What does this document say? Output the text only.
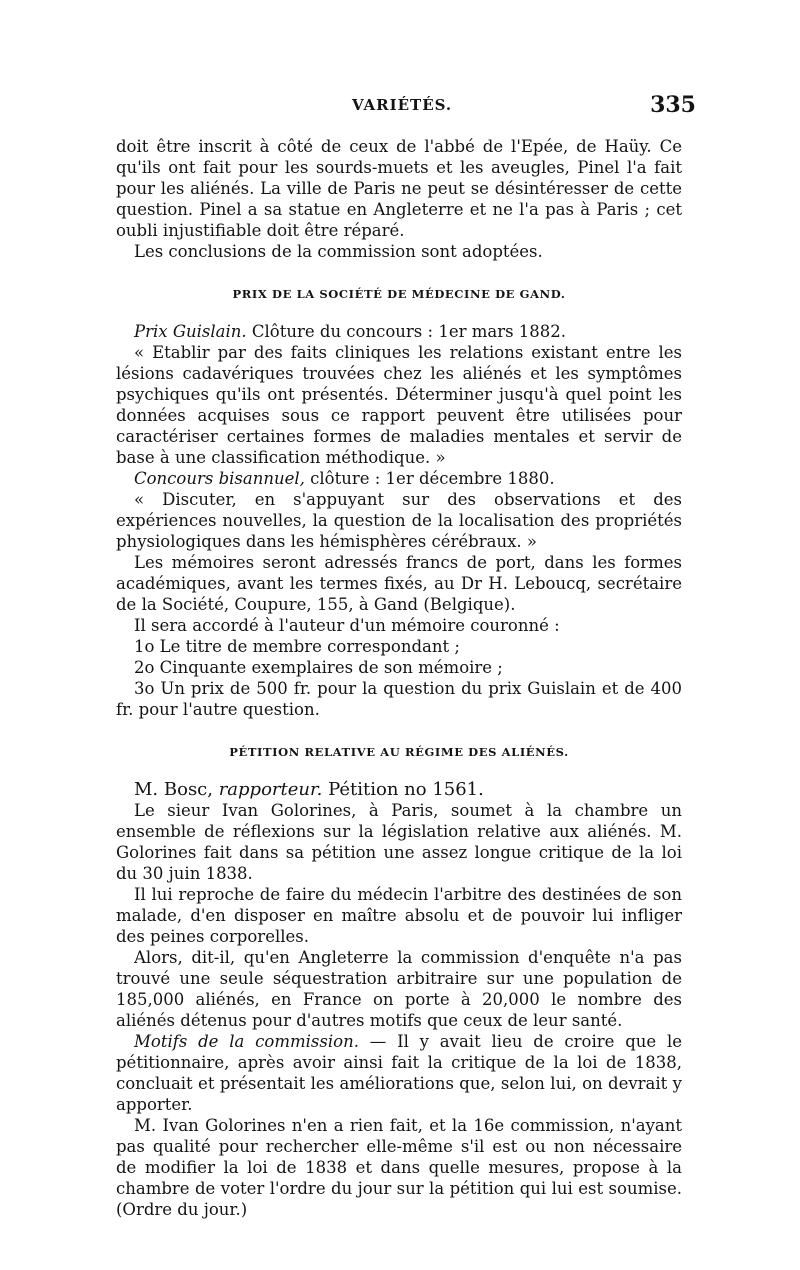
VARIÉTÉS.	335

doit être inscrit à côté de ceux de l'abbé de l'Epée, de Haüy. Ce qu'ils ont fait pour les sourds-muets et les aveugles, Pinel l'a fait pour les aliénés. La ville de Paris ne peut se désintéresser de cette question. Pinel a sa statue en Angleterre et ne l'a pas à Paris ; cet oubli injustifiable doit être réparé.

Les conclusions de la commission sont adoptées.

PRIX DE LA SOCIÉTÉ DE MÉDECINE DE GAND.

Prix Guislain. Clôture du concours : 1er mars 1882.

« Etablir par des faits cliniques les relations existant entre les lésions cadavériques trouvées chez les aliénés et les symptômes psychiques qu'ils ont présentés. Déterminer jusqu'à quel point les données acquises sous ce rapport peuvent être utilisées pour caractériser certaines formes de maladies mentales et servir de base à une classification méthodique. »

Concours bisannuel, clôture : 1er décembre 1880.

« Discuter, en s'appuyant sur des observations et des expériences nouvelles, la question de la localisation des propriétés physiologiques dans les hémisphères cérébraux. »

Les mémoires seront adressés francs de port, dans les formes académiques, avant les termes fixés, au Dr H. Leboucq, secrétaire de la Société, Coupure, 155, à Gand (Belgique).

Il sera accordé à l'auteur d'un mémoire couronné :

1o Le titre de membre correspondant ;

2o Cinquante exemplaires de son mémoire ;

3o Un prix de 500 fr. pour la question du prix Guislain et de 400 fr. pour l'autre question.

PÉTITION RELATIVE AU RÉGIME DES ALIÉNÉS.

M. Bosc, rapporteur. Pétition no 1561.

Le sieur Ivan Golorines, à Paris, soumet à la chambre un ensemble de réflexions sur la législation relative aux aliénés. M. Golorines fait dans sa pétition une assez longue critique de la loi du 30 juin 1838.

Il lui reproche de faire du médecin l'arbitre des destinées de son malade, d'en disposer en maître absolu et de pouvoir lui infliger des peines corporelles.

Alors, dit-il, qu'en Angleterre la commission d'enquête n'a pas trouvé une seule séquestration arbitraire sur une population de 185,000 aliénés, en France on porte à 20,000 le nombre des aliénés détenus pour d'autres motifs que ceux de leur santé.

Motifs de la commission. — Il y avait lieu de croire que le pétitionnaire, après avoir ainsi fait la critique de la loi de 1838, concluait et présentait les améliorations que, selon lui, on devrait y apporter.

M. Ivan Golorines n'en a rien fait, et la 16e commission, n'ayant pas qualité pour rechercher elle-même s'il est ou non nécessaire de modifier la loi de 1838 et dans quelle mesures, propose à la chambre de voter l'ordre du jour sur la pétition qui lui est soumise. (Ordre du jour.)
